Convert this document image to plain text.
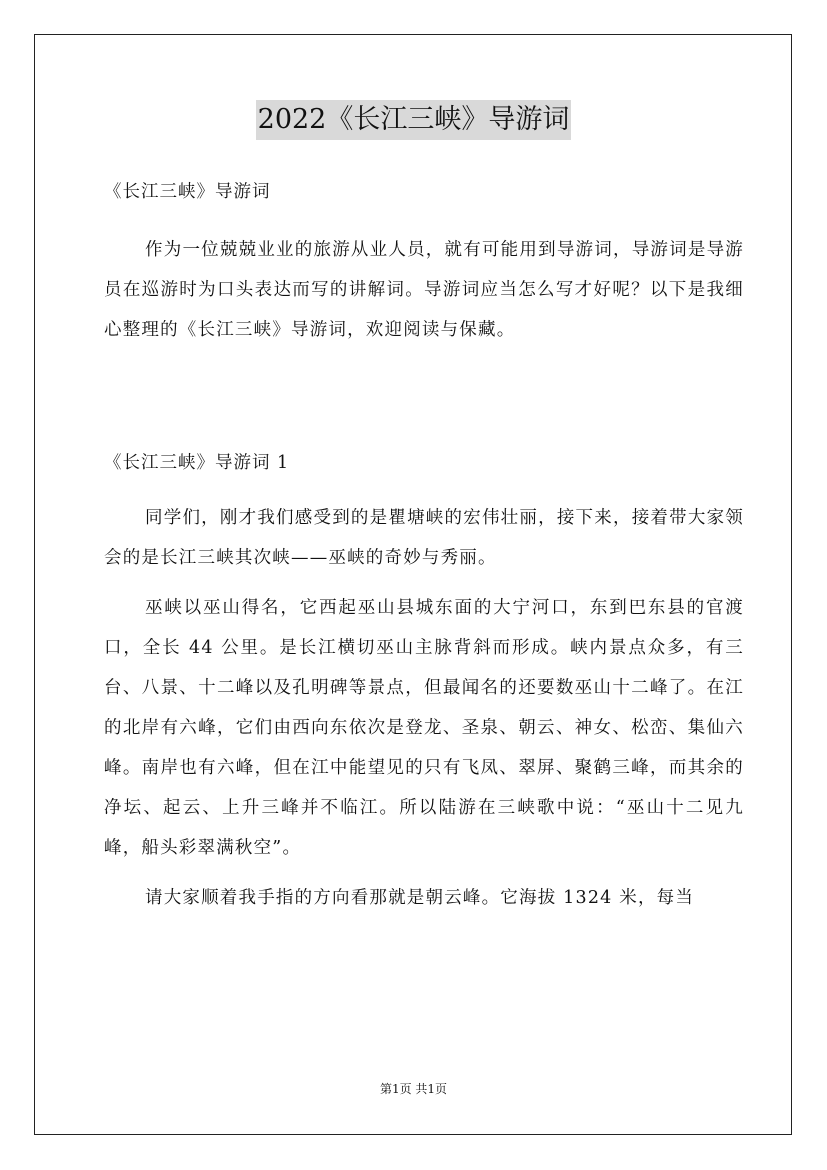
2022《长江三峡》导游词
《长江三峡》导游词

作为一位兢兢业业的旅游从业人员，就有可能用到导游词，导游词是导游员在巡游时为口头表达而写的讲解词。导游词应当怎么写才好呢？以下是我细心整理的《长江三峡》导游词，欢迎阅读与保藏。

《长江三峡》导游词 1

同学们，刚才我们感受到的是瞿塘峡的宏伟壮丽，接下来，接着带大家领会的是长江三峡其次峡——巫峡的奇妙与秀丽。

巫峡以巫山得名，它西起巫山县城东面的大宁河口，东到巴东县的官渡口，全长 44 公里。是长江横切巫山主脉背斜而形成。峡内景点众多，有三台、八景、十二峰以及孔明碑等景点，但最闻名的还要数巫山十二峰了。在江的北岸有六峰，它们由西向东依次是登龙、圣泉、朝云、神女、松峦、集仙六峰。南岸也有六峰，但在江中能望见的只有飞凤、翠屏、聚鹤三峰，而其余的净坛、起云、上升三峰并不临江。所以陆游在三峡歌中说：“巫山十二见九峰，船头彩翠满秋空”。

请大家顺着我手指的方向看那就是朝云峰。它海拔 1324 米，每当

第1页 共1页
